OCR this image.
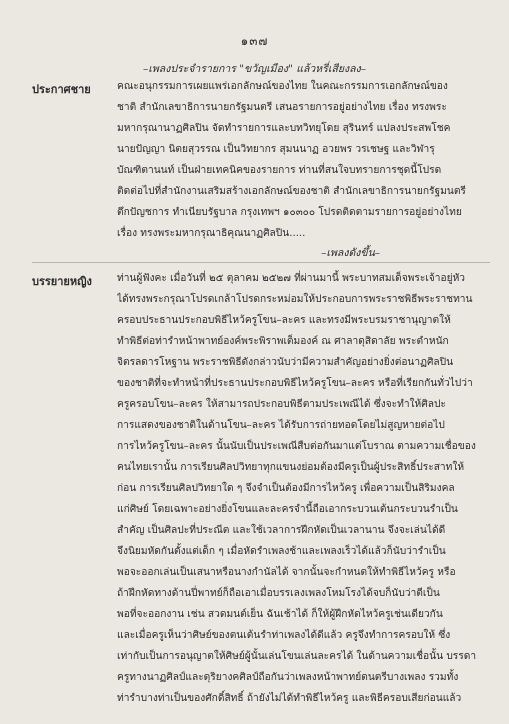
๑๓๗
–เพลงประจำรายการ "ขวัญเมือง" แล้วหรี่เสียงลง–
ประกาศชาย	คณะอนุกรรมการเผยแพร่เอกลักษณ์ของไทย ในคณะกรรมการเอกลักษณ์ของ
ชาติ สำนักเลขาธิการนายกรัฐมนตรี เสนอรายการอยู่อย่างไทย เรื่อง ทรงพระ
มหากรุณานาฏศิลปิน จัดทำรายการและบทวิทยุโดย สุรินทร์ แปลงประสพโชค
นายปัญญา นิตยสุวรรณ เป็นวิทยากร สุมนนาฏ อวยพร วรเชษฐ และวิฬารุ
บัณฑิตานนท์ เป็นฝ่ายเทคนิคของรายการ ท่านที่สนใจบทรายการชุดนี้โปรด
ติดต่อไปที่สำนักงานเสริมสร้างเอกลักษณ์ของชาติ สำนักเลขาธิการนายกรัฐมนตรี
ตึกปัญชการ ทำเนียบรัฐบาล กรุงเทพฯ ๑๐๓๐๐ โปรดติดตามรายการอยู่อย่างไทย
เรื่อง ทรงพระมหากรุณาธิคุณนาฏศิลปิน.....
–เพลงดังขึ้น–
บรรยายหญิง ท่านผู้ฟังคะ เมื่อวันที่ ๒๕ ตุลาคม ๒๕๒๗ ที่ผ่านมานี้ พระบาทสมเด็จพระเจ้าอยู่หัว
ได้ทรงพระกรุณาโปรดเกล้าโปรดกระหม่อมให้ประกอบการพระราชพิธีพระราชทาน
ครอบประธานประกอบพิธีไหว้ครูโขน–ละคร และทรงมีพระบรมราชานุญาตให้
ทำพิธีต่อท่ารำหน้าพาทย์องค์พระพิราพเต็มองค์ ณ ศาลาดุสิดาลัย พระตำหนัก
จิตรลดารโหฐาน พระราชพิธีดังกล่าวนับว่ามีความสำคัญอย่างยิ่งต่อนาฏศิลปิน
ของชาติที่จะทำหน้าที่ประธานประกอบพิธีไหว้ครูโขน–ละคร หรือที่เรียกกันทั่วไปว่า
ครูครอบโขน–ละคร ให้สามารถประกอบพิธีตามประเพณีได้ ซึ่งจะทำให้ศิลปะ
การแสดงของชาติในด้านโขน–ละคร ได้รับการถ่ายทอดโดยไม่สูญหายต่อไป
การไหว้ครูโขน–ละคร นั้นนับเป็นประเพณีสืบต่อกันมาแต่โบราณ ตามความเชื่อของ
คนไทยเรานั้น การเรียนศิลปวิทยาทุกแขนงย่อมต้องมีครูเป็นผู้ประสิทธิ์ประสาทให้
ก่อน การเรียนศิลปวิทยาใด ๆ จึงจำเป็นต้องมีการไหว้ครู เพื่อความเป็นสิริมงคล
แก่ศิษย์ โดยเฉพาะอย่างยิ่งโขนและละครจำนี้ถือเอากระบวนเต้นกระบวนรำเป็น
สำคัญ เป็นศิลปะที่ประณีต และใช้เวลาการฝึกหัดเป็นเวลานาน จึงจะเล่นได้ดี
จึงนิยมหัดกันตั้งแต่เด็ก ๆ เมื่อหัดรำเพลงช้าและเพลงเร็วได้แล้วก็นับว่ารำเป็น
พอจะออกเล่นเป็นเสนาหรือนางกำนัลได้ จากนั้นจะกำหนดให้ทำพิธีไหว้ครู หรือ
ถ้าฝึกหัดทางด้านปี่พาทย์ก็ถือเอาเมื่อบรรเลงเพลงโหมโรงได้จบก็นับว่าตีเป็น
พอที่จะออกงาน เช่น สวดมนต์เย็น ฉันเช้าได้ ก็ให้ผู้ฝึกหัดไหว้ครูเช่นเดียวกัน
และเมื่อครูเห็นว่าศิษย์ของตนเต้นรำท่าเพลงได้ดีแล้ว ครูจึงทำการครอบให้ ซึ่ง
เท่ากับเป็นการอนุญาตให้ศิษย์ผู้นั้นเล่นโขนเล่นละครได้ ในด้านความเชื่อนั้น บรรดา
ครูทางนาฏศิลป์และดุริยางคศิลป์ถือกันว่าเพลงหน้าพาทย์ดนตรีบางเพลง รวมทั้ง
ท่ารำบางท่าเป็นของศักดิ์สิทธิ์ ถ้ายังไม่ได้ทำพิธีไหว้ครู และพิธีครอบเสียก่อนแล้ว
